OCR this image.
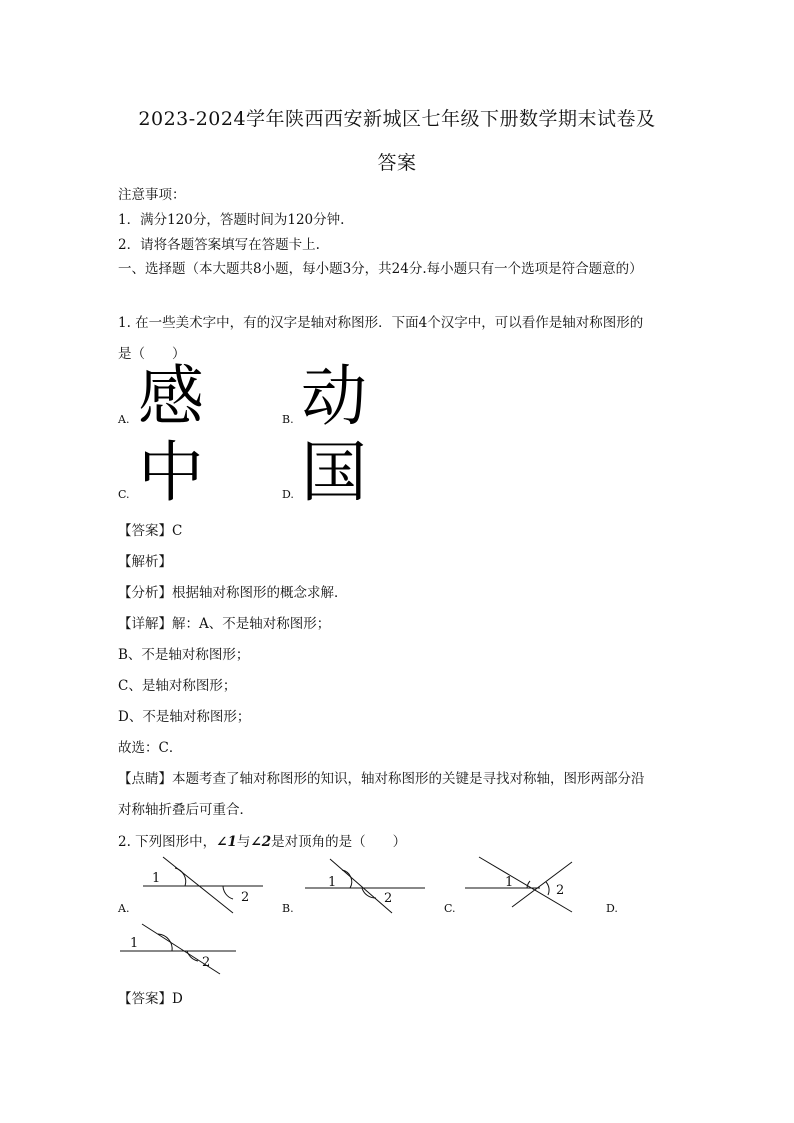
2023-2024学年陕西西安新城区七年级下册数学期末试卷及
答案
注意事项：
1．满分120分，答题时间为120分钟.
2．请将各题答案填写在答题卡上.
一、选择题（本大题共8小题，每小题3分，共24分.每小题只有一个选项是符合题意的）
1. 在一些美术字中，有的汉字是轴对称图形．下面4个汉字中，可以看作是轴对称图形的
是（　　）
A. 感	B. 动
C. 中	D. 国
【答案】C
【解析】
【分析】根据轴对称图形的概念求解．
【详解】解：A、不是轴对称图形；
B、不是轴对称图形；
C、是轴对称图形；
D、不是轴对称图形；
故选：C．
【点睛】本题考查了轴对称图形的知识，轴对称图形的关键是寻找对称轴，图形两部分沿
对称轴折叠后可重合．
2. 下列图形中，∠1与∠2是对顶角的是（　　）
A.
1
2
B.
1
2
C.
1
2
D.
1
2
【答案】D
